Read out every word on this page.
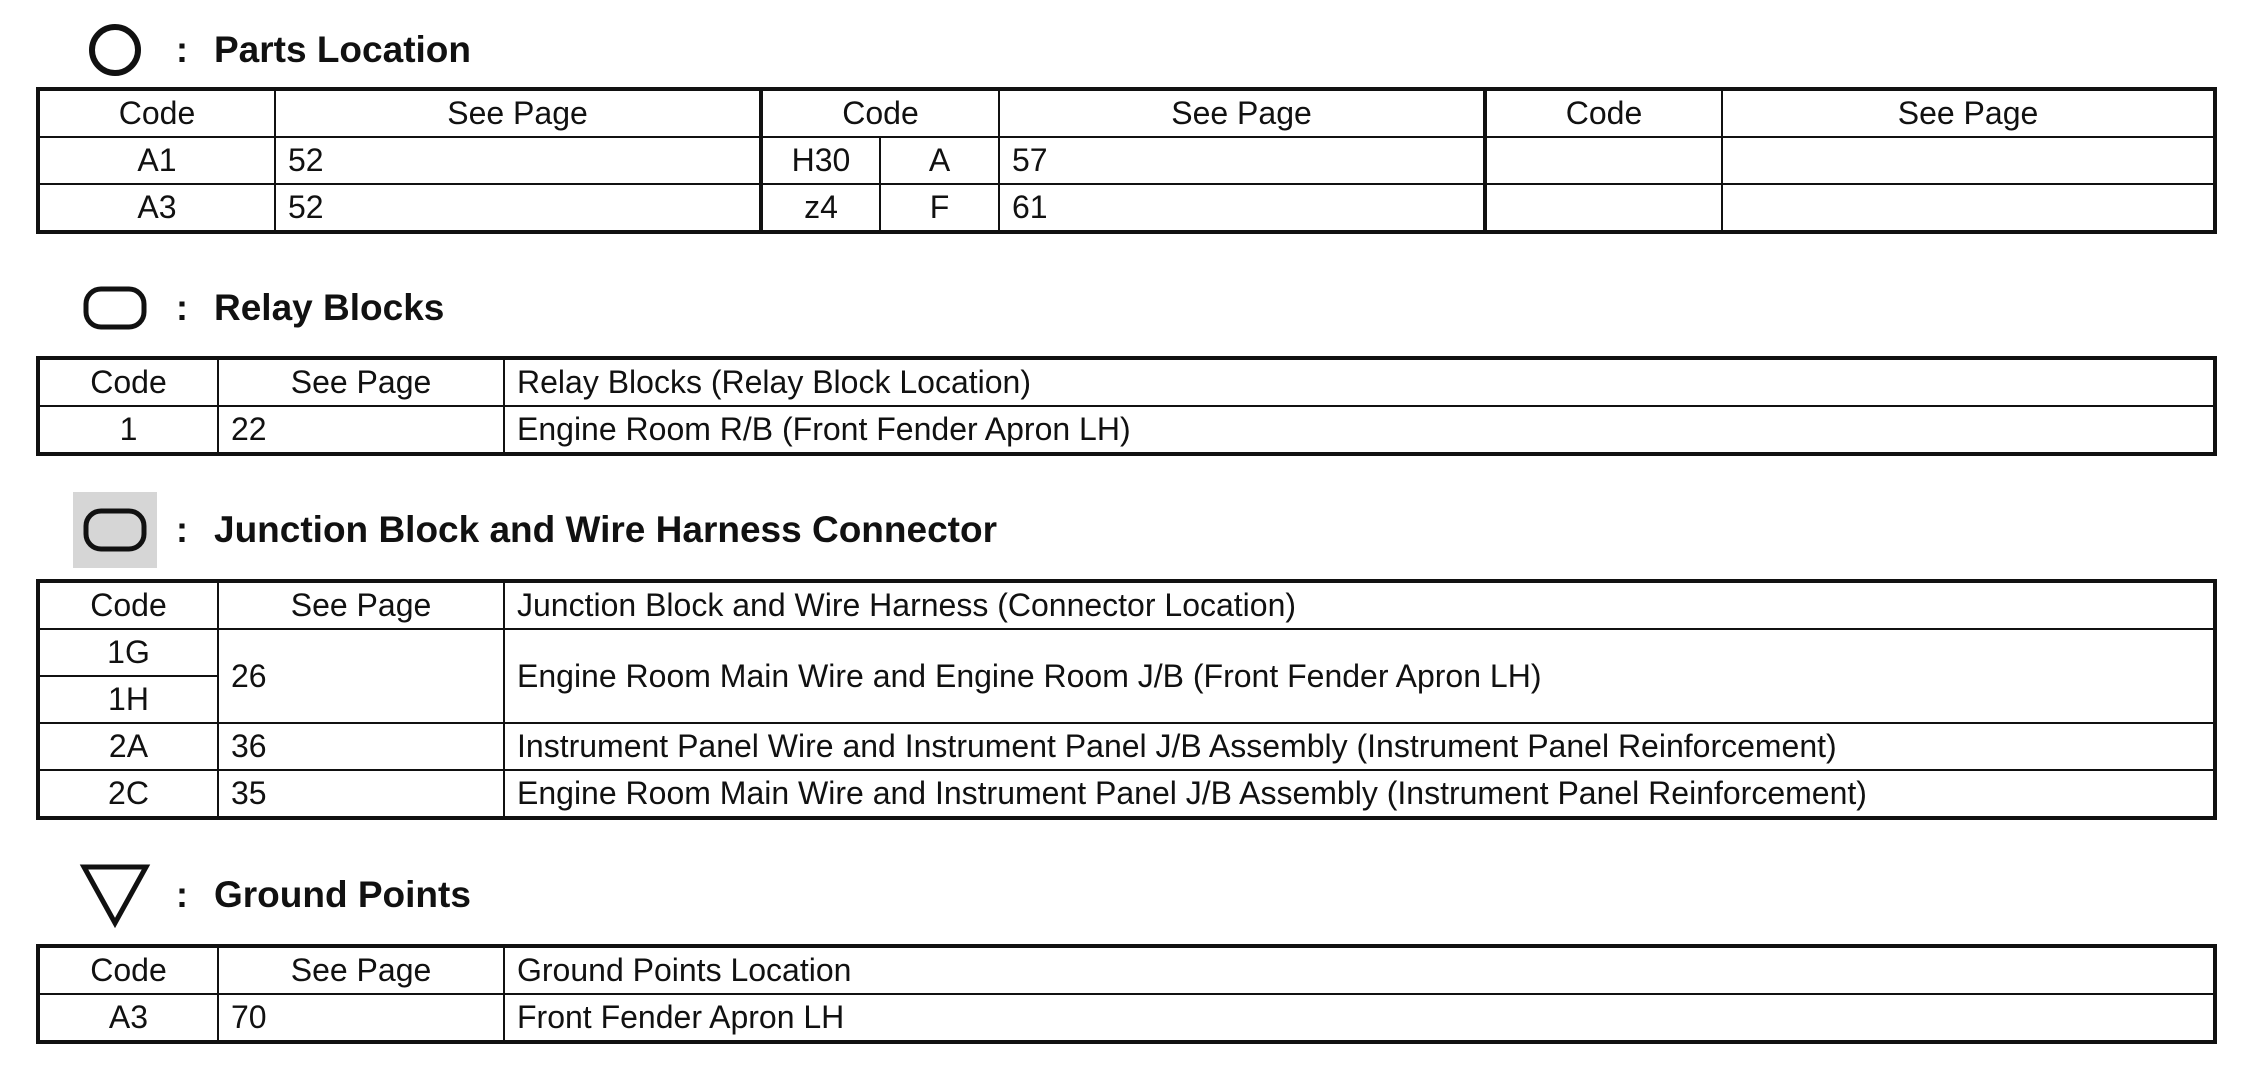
: Parts Location
Code	See Page	Code		See Page	Code	See Page
A1	52	H30	A	57		
A3	52	z4	F	61		
: Relay Blocks
Code	See Page	Relay Blocks (Relay Block Location)
1	22	Engine Room R/B (Front Fender Apron LH)
: Junction Block and Wire Harness Connector
Code	See Page	Junction Block and Wire Harness (Connector Location)
1G	26	Engine Room Main Wire and Engine Room J/B (Front Fender Apron LH)
1H		
2A	36	Instrument Panel Wire and Instrument Panel J/B Assembly (Instrument Panel Reinforcement)
2C	35	Engine Room Main Wire and Instrument Panel J/B Assembly (Instrument Panel Reinforcement)
: Ground Points
Code	See Page	Ground Points Location
A3	70	Front Fender Apron LH
